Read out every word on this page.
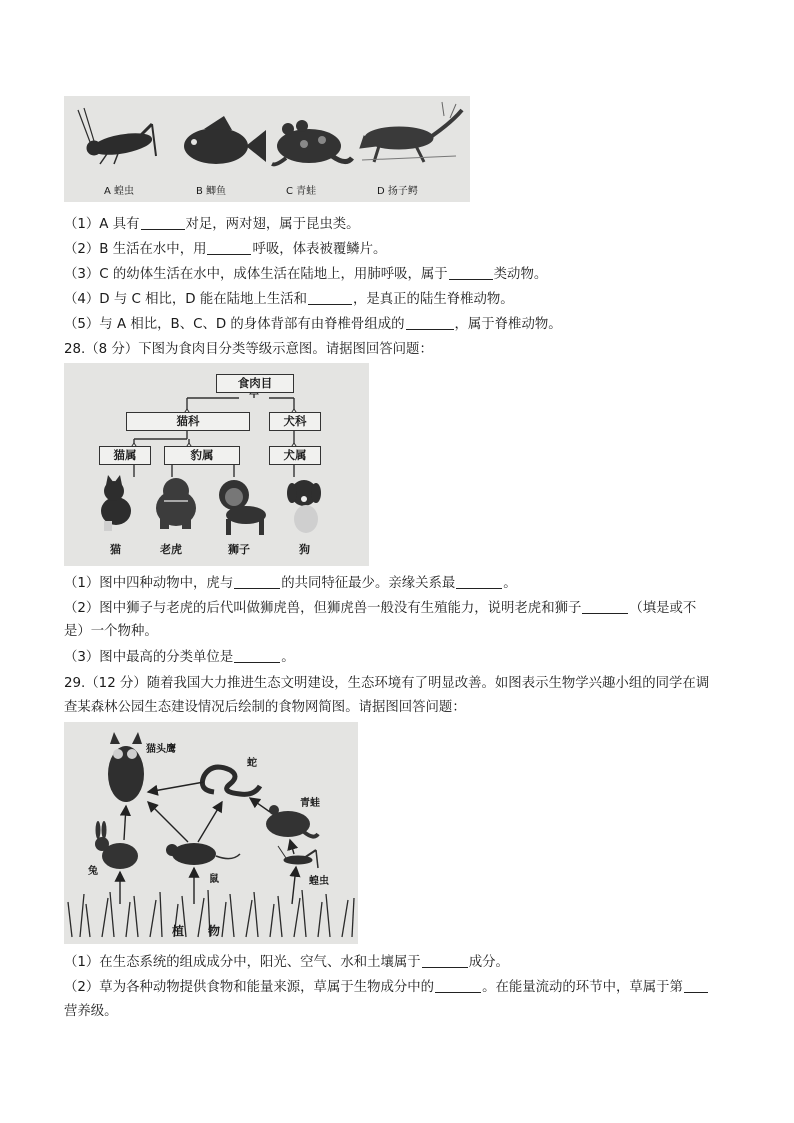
A 蝗虫	B 鲫鱼	C 青蛙	D 扬子鳄
（1）A 具有	对足，两对翅，属于昆虫类。
（2）B 生活在水中，用	呼吸，体表被覆鳞片。
（3）C 的幼体生活在水中，成体生活在陆地上，用肺呼吸，属于	类动物。
（4）D 与 C 相比，D 能在陆地上生活和	，是真正的陆生脊椎动物。
（5）与 A 相比，B、C、D 的身体背部有由脊椎骨组成的	，属于脊椎动物。
28.（8 分）下图为食肉目分类等级示意图。请据图回答问题：
食肉目
猫科	犬科
猫属	豹属	犬属
猫	老虎	狮子	狗
（1）图中四种动物中，虎与	的共同特征最少。亲缘关系最	。
（2）图中狮子与老虎的后代叫做狮虎兽，但狮虎兽一般没有生殖能力，说明老虎和狮子	（填是或不
是）一个物种。
（3）图中最高的分类单位是	。
29.（12 分）随着我国大力推进生态文明建设，生态环境有了明显改善。如图表示生物学兴趣小组的同学在调
查某森林公园生态建设情况后绘制的食物网简图。请据图回答问题：
猫头鹰
蛇
青蛙
兔
鼠	蝗虫
植 物
（1）在生态系统的组成成分中，阳光、空气、水和土壤属于	成分。
（2）草为各种动物提供食物和能量来源，草属于生物成分中的	。在能量流动的环节中，草属于第
营养级。
